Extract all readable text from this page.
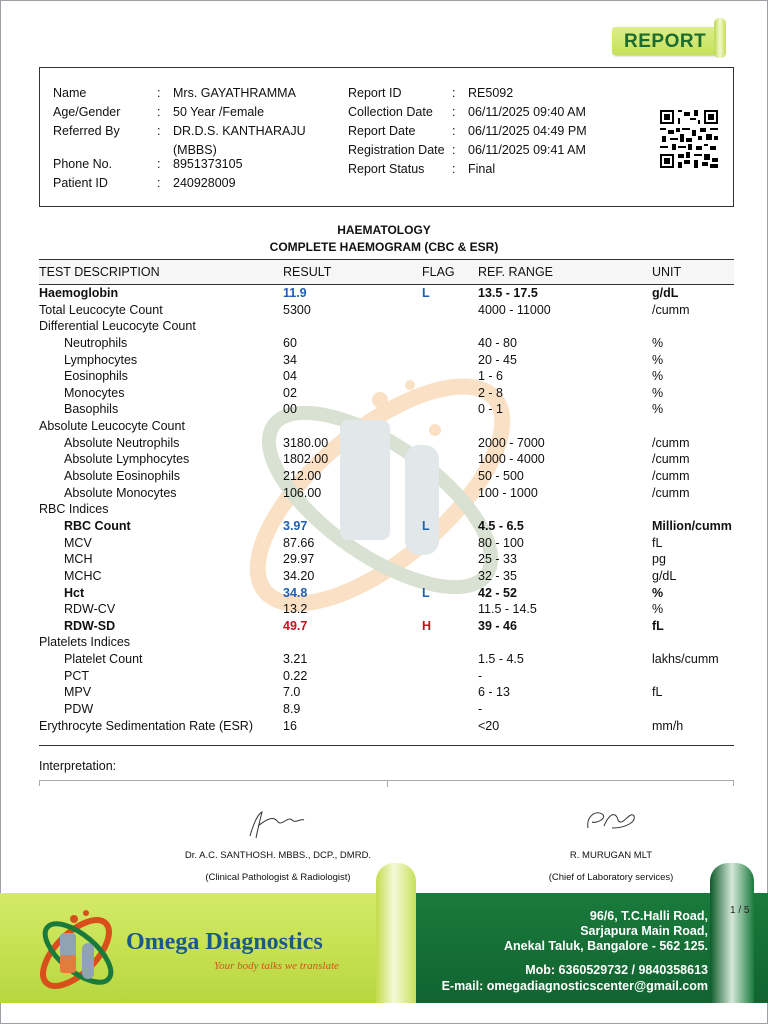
REPORT
Name	: Mrs. GAYATHRAMMA
Age/Gender	: 50 Year /Female
Referred By	: DR.D.S. KANTHARAJU (MBBS)
Phone No.	: 8951373105
Patient ID	: 240928009
Report ID	: RE5092
Collection Date : 06/11/2025 09:40 AM
Report Date	: 06/11/2025 04:49 PM
Registration Date : 06/11/2025 09:41 AM
Report Status : Final
HAEMATOLOGY
COMPLETE HAEMOGRAM (CBC & ESR)
TEST DESCRIPTION	RESULT	FLAG REF. RANGE	UNIT
Haemoglobin	11.9	L	13.5 - 17.5	g/dL
Total Leucocyte Count	5300	4000 - 11000	/cumm
Differential Leucocyte Count
Neutrophils	60	40 - 80	%
Lymphocytes	34	20 - 45	%
Eosinophils	04	1 - 6	%
Monocytes	02	2 - 8	%
Basophils	00	0 - 1	%
Absolute Leucocyte Count
Absolute Neutrophils	3180.00	2000 - 7000	/cumm
Absolute Lymphocytes	1802.00	1000 - 4000	/cumm
Absolute Eosinophils	212.00	50 - 500	/cumm
Absolute Monocytes	106.00	100 - 1000	/cumm
RBC Indices
RBC Count	3.97	L	4.5 - 6.5	Million/cumm
MCV	87.66	80 - 100	fL
MCH	29.97	25 - 33	pg
MCHC	34.20	32 - 35	g/dL
Hct	34.8	L	42 - 52	%
RDW-CV	13.2	11.5 - 14.5	%
RDW-SD	49.7	H	39 - 46	fL
Platelets Indices
Platelet Count	3.21	1.5 - 4.5	lakhs/cumm
PCT	0.22	-
MPV	7.0	6 - 13	fL
PDW	8.9	-
Erythrocyte Sedimentation Rate (ESR) 16	<20	mm/h
Interpretation:
Dr. A.C. SANTHOSH. MBBS., DCP., DMRD.
(Clinical Pathologist & Radiologist)
R. MURUGAN MLT
(Chief of Laboratory services)
Omega Diagnostics
Your body talks we translate
96/6, T.C.Halli Road,
Sarjapura Main Road,
Anekal Taluk, Bangalore - 562 125.
Mob: 6360529732 / 9840358613
E-mail: omegadiagnosticscenter@gmail.com
1 / 5
